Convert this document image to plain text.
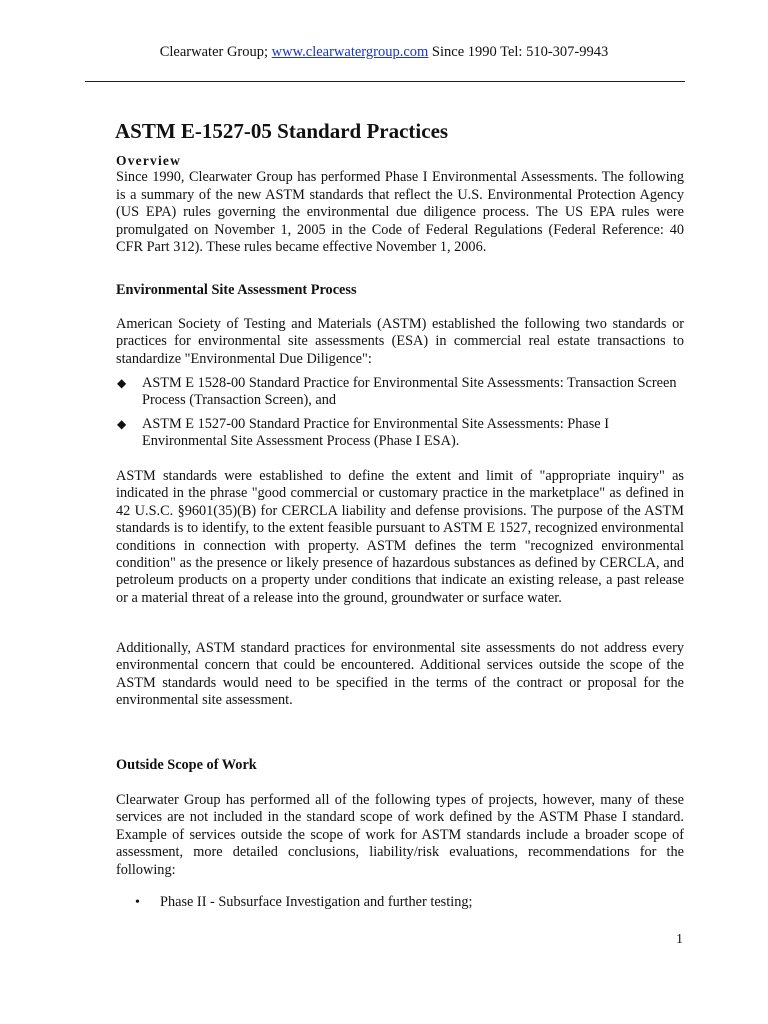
Clearwater Group; www.clearwatergroup.com Since 1990 Tel: 510-307-9943
ASTM E-1527-05 Standard Practices
Overview
Since 1990, Clearwater Group has performed Phase I Environmental Assessments. The following is a summary of the new ASTM standards that reflect the U.S. Environmental Protection Agency (US EPA) rules governing the environmental due diligence process. The US EPA rules were promulgated on November 1, 2005 in the Code of Federal Regulations (Federal Reference: 40 CFR Part 312). These rules became effective November 1, 2006.
Environmental Site Assessment Process
American Society of Testing and Materials (ASTM) established the following two standards or practices for environmental site assessments (ESA) in commercial real estate transactions to standardize "Environmental Due Diligence":
◆ ASTM E 1528-00 Standard Practice for Environmental Site Assessments: Transaction Screen Process (Transaction Screen), and
◆ ASTM E 1527-00 Standard Practice for Environmental Site Assessments: Phase I Environmental Site Assessment Process (Phase I ESA).
ASTM standards were established to define the extent and limit of "appropriate inquiry" as indicated in the phrase "good commercial or customary practice in the marketplace" as defined in 42 U.S.C. §9601(35)(B) for CERCLA liability and defense provisions. The purpose of the ASTM standards is to identify, to the extent feasible pursuant to ASTM E 1527, recognized environmental conditions in connection with property. ASTM defines the term "recognized environmental condition" as the presence or likely presence of hazardous substances as defined by CERCLA, and petroleum products on a property under conditions that indicate an existing release, a past release or a material threat of a release into the ground, groundwater or surface water.
Additionally, ASTM standard practices for environmental site assessments do not address every environmental concern that could be encountered. Additional services outside the scope of the ASTM standards would need to be specified in the terms of the contract or proposal for the environmental site assessment.
Outside Scope of Work
Clearwater Group has performed all of the following types of projects, however, many of these services are not included in the standard scope of work defined by the ASTM Phase I standard. Example of services outside the scope of work for ASTM standards include a broader scope of assessment, more detailed conclusions, liability/risk evaluations, recommendations for the following:
• Phase II - Subsurface Investigation and further testing;
1
